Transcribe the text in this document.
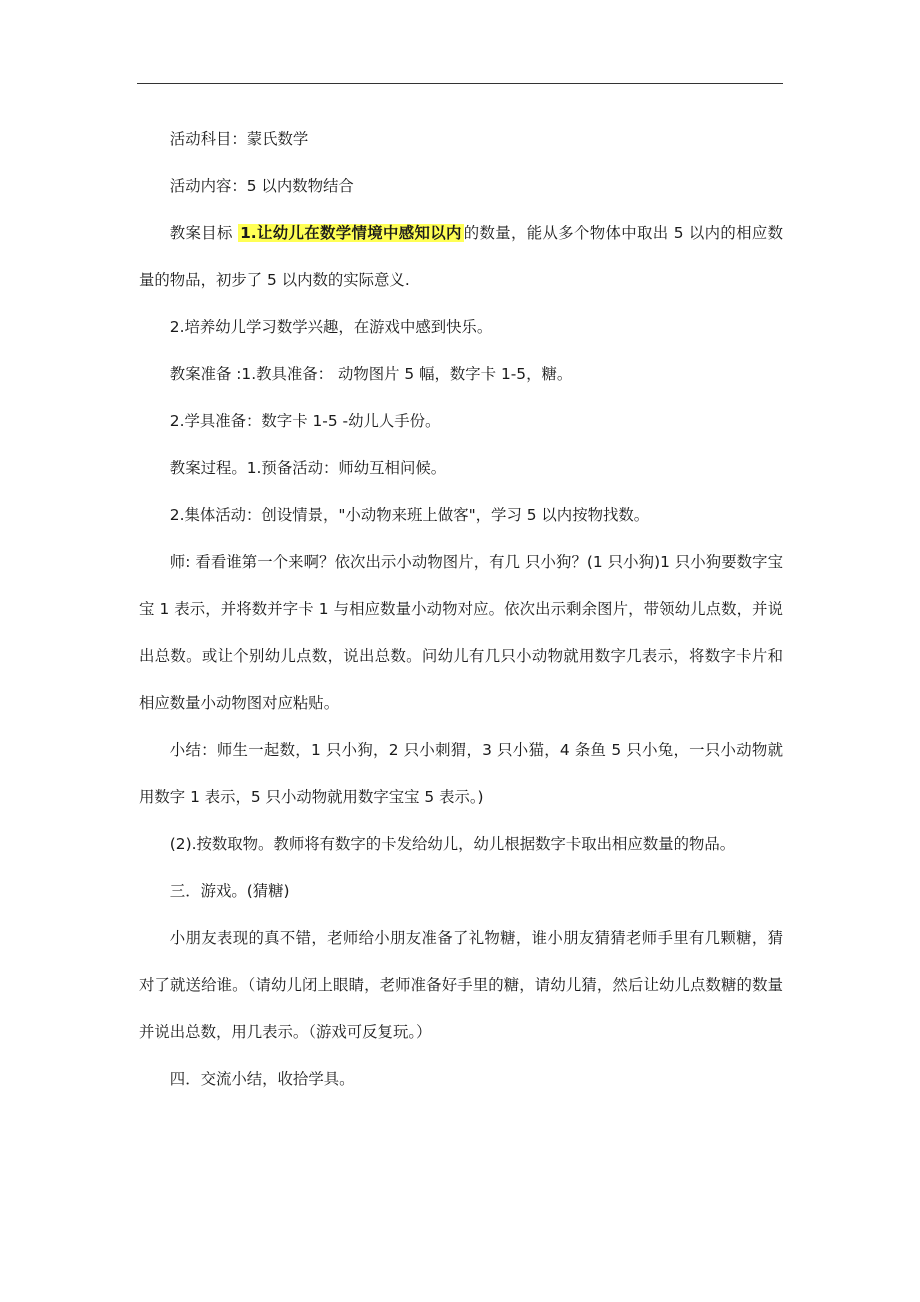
活动科目：蒙氏数学

活动内容：5 以内数物结合

教案目标 1.让幼儿在数学情境中感知以内 的数量，能从多个物体中取出 5 以内的相应数量的物品，初步了 5 以内数的实际意义.

2.培养幼儿学习数学兴趣，在游戏中感到快乐。

教案准备 :1.教具准备： 动物图片 5 幅，数字卡 1-5，糖。

2.学具准备：数字卡 1-5 -幼儿人手份。

教案过程。1.预备活动：师幼互相问候。

2.集体活动：创设情景，"小动物来班上做客"，学习 5 以内按物找数。

师: 看看谁第一个来啊？依次出示小动物图片，有几 只小狗？(1 只小狗)1 只小狗要数字宝宝 1 表示，并将数并字卡 1 与相应数量小动物对应。依次出示剩余图片，带领幼儿点数，并说出总数。或让个别幼儿点数，说出总数。问幼儿有几只小动物就用数字几表示，将数字卡片和相应数量小动物图对应粘贴。

小结：师生一起数，1 只小狗，2 只小刺猬，3 只小猫，4 条鱼 5 只小兔，一只小动物就用数字 1 表示，5 只小动物就用数字宝宝 5 表示。)

(2).按数取物。教师将有数字的卡发给幼儿，幼儿根据数字卡取出相应数量的物品。

三．游戏。(猜糖)

小朋友表现的真不错，老师给小朋友准备了礼物糖，谁小朋友猜猜老师手里有几颗糖，猜对了就送给谁。（请幼儿闭上眼睛，老师准备好手里的糖，请幼儿猜，然后让幼儿点数糖的数量并说出总数，用几表示。（游戏可反复玩。）

四．交流小结，收拾学具。
